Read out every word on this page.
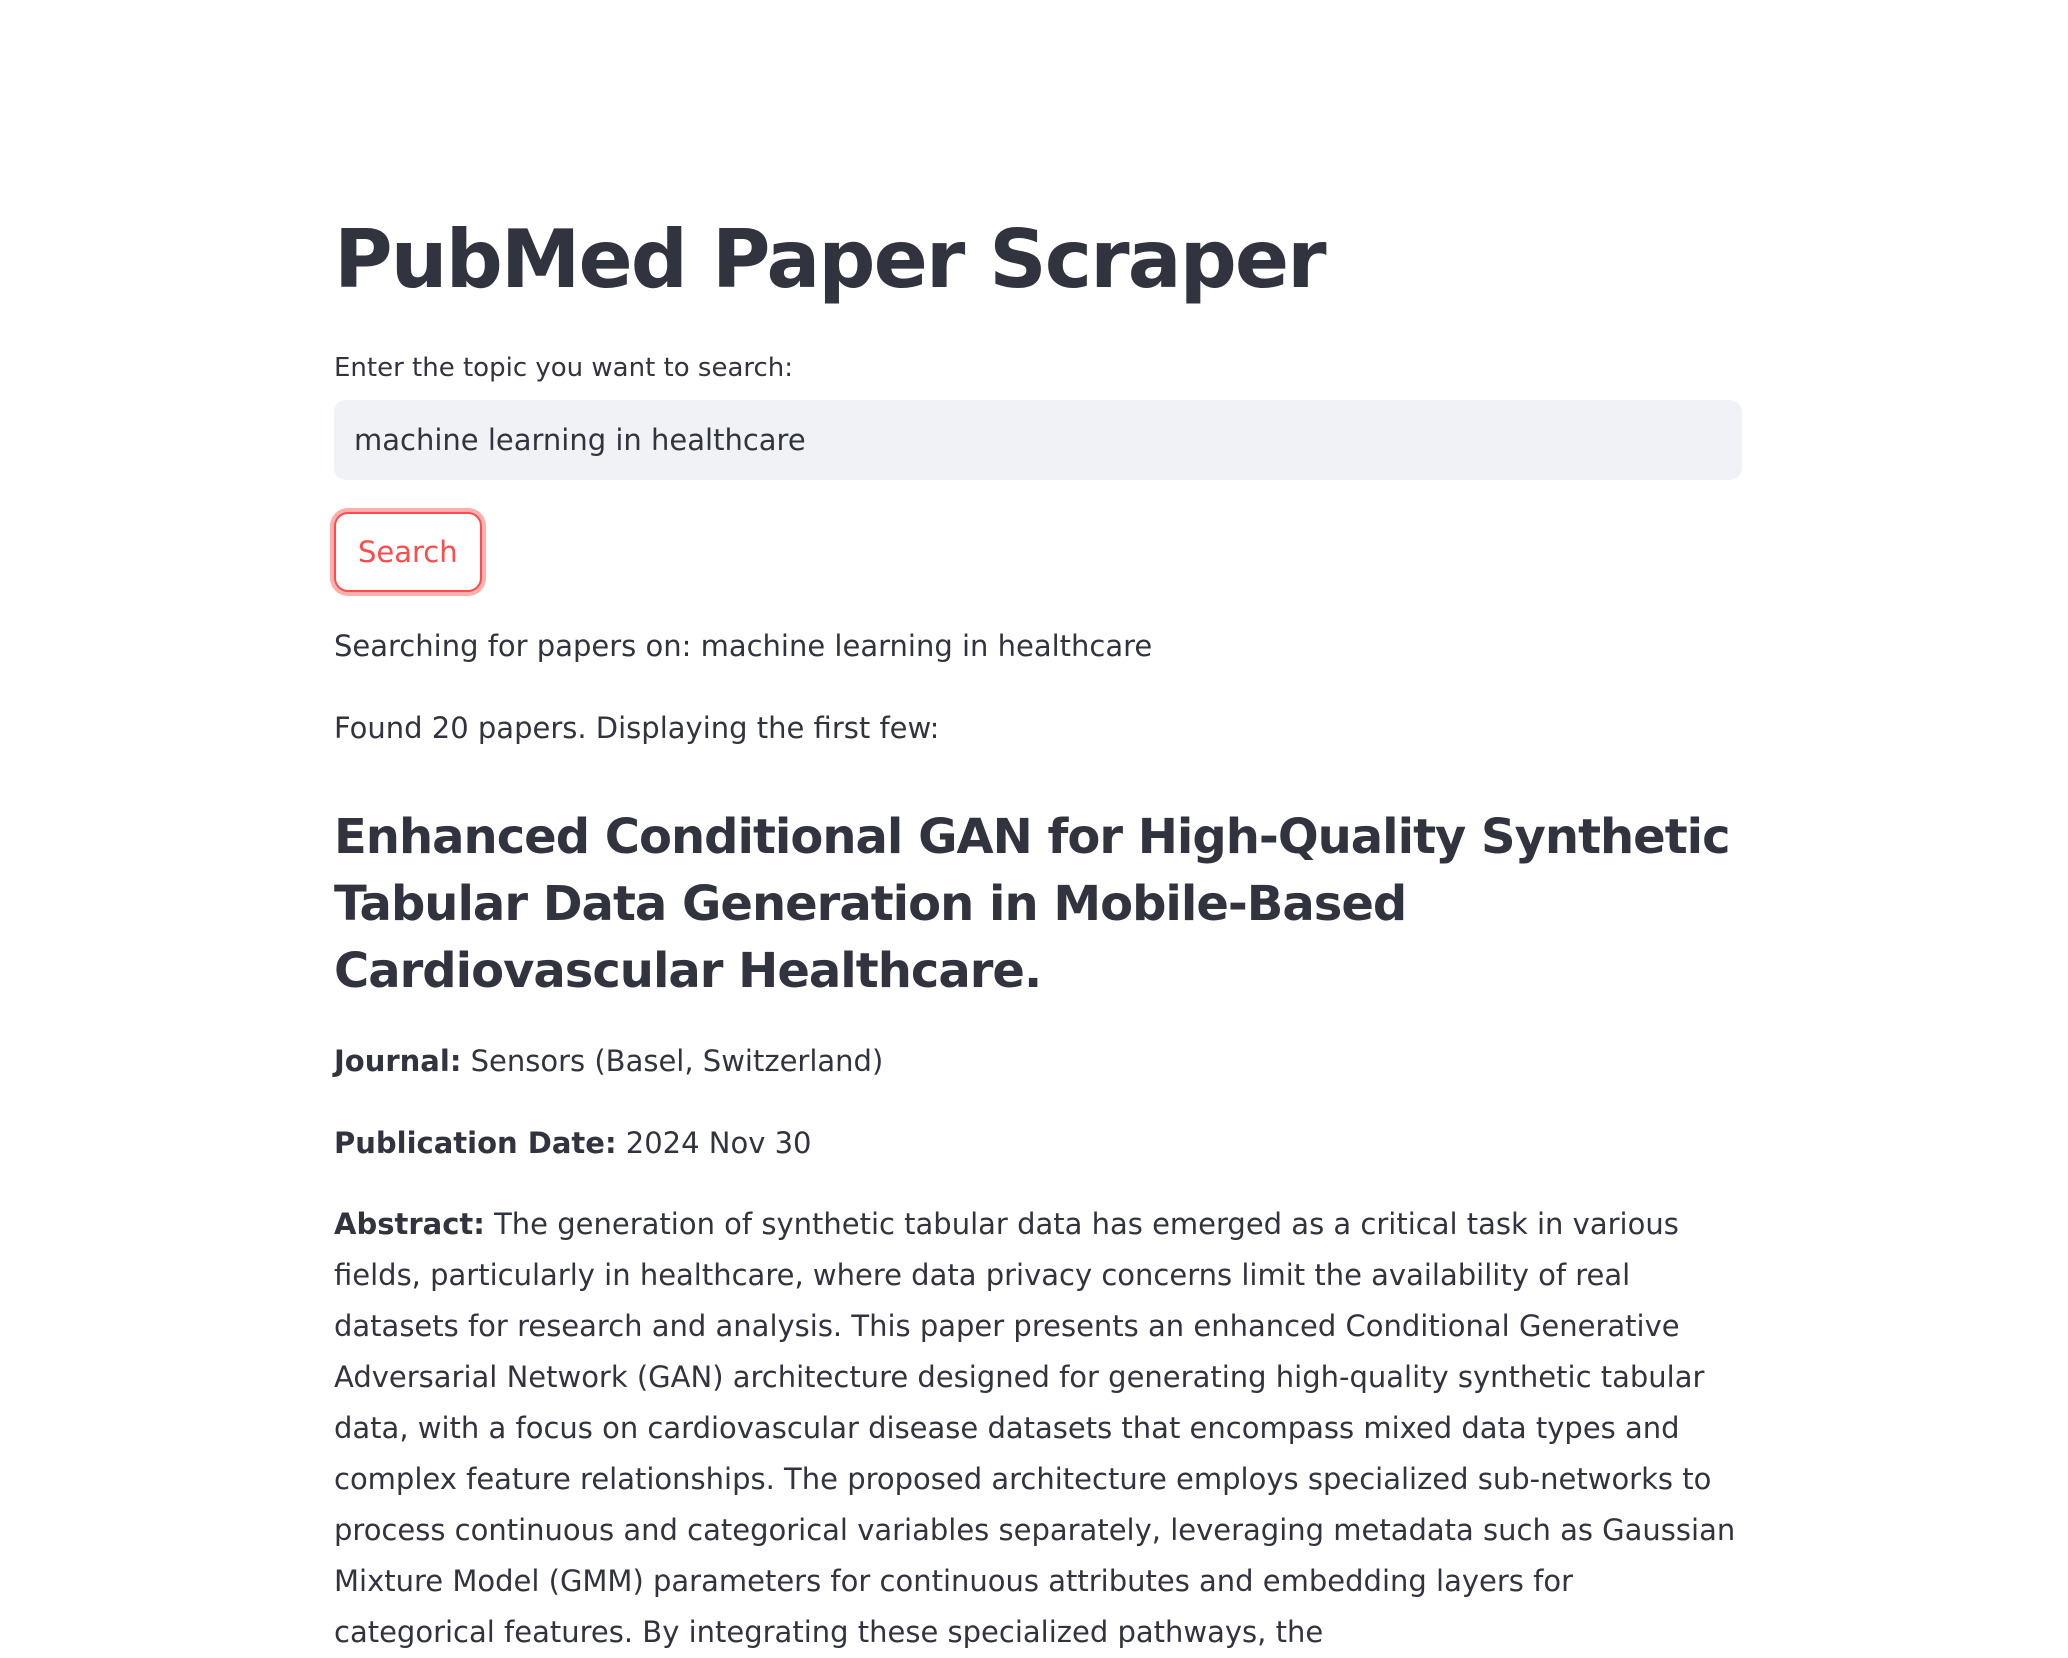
PubMed Paper Scraper
Enter the topic you want to search:
machine learning in healthcare
Search
Searching for papers on: machine learning in healthcare
Found 20 papers. Displaying the first few:
Enhanced Conditional GAN for High-Quality Synthetic Tabular Data Generation in Mobile-Based Cardiovascular Healthcare.
Journal: Sensors (Basel, Switzerland)
Publication Date: 2024 Nov 30
Abstract: The generation of synthetic tabular data has emerged as a critical task in various fields, particularly in healthcare, where data privacy concerns limit the availability of real datasets for research and analysis. This paper presents an enhanced Conditional Generative Adversarial Network (GAN) architecture designed for generating high-quality synthetic tabular data, with a focus on cardiovascular disease datasets that encompass mixed data types and complex feature relationships. The proposed architecture employs specialized sub-networks to process continuous and categorical variables separately, leveraging metadata such as Gaussian Mixture Model (GMM) parameters for continuous attributes and embedding layers for categorical features. By integrating these specialized pathways, the
